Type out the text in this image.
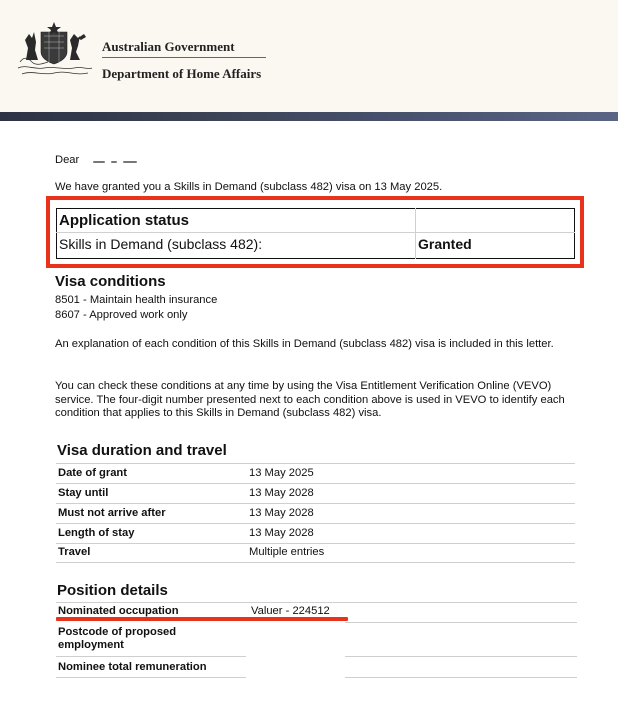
Australian Government
Department of Home Affairs
Dear
We have granted you a Skills in Demand (subclass 482) visa on 13 May 2025.
Application status
Skills in Demand (subclass 482):	Granted
Visa conditions
8501 - Maintain health insurance
8607 - Approved work only
An explanation of each condition of this Skills in Demand (subclass 482) visa is included in this letter.
You can check these conditions at any time by using the Visa Entitlement Verification Online (VEVO) service. The four-digit number presented next to each condition above is used in VEVO to identify each condition that applies to this Skills in Demand (subclass 482) visa.
Visa duration and travel
Date of grant	13 May 2025
Stay until	13 May 2028
Must not arrive after	13 May 2028
Length of stay	13 May 2028
Travel	Multiple entries
Position details
Nominated occupation	Valuer - 224512
Postcode of proposed employment
Nominee total remuneration
